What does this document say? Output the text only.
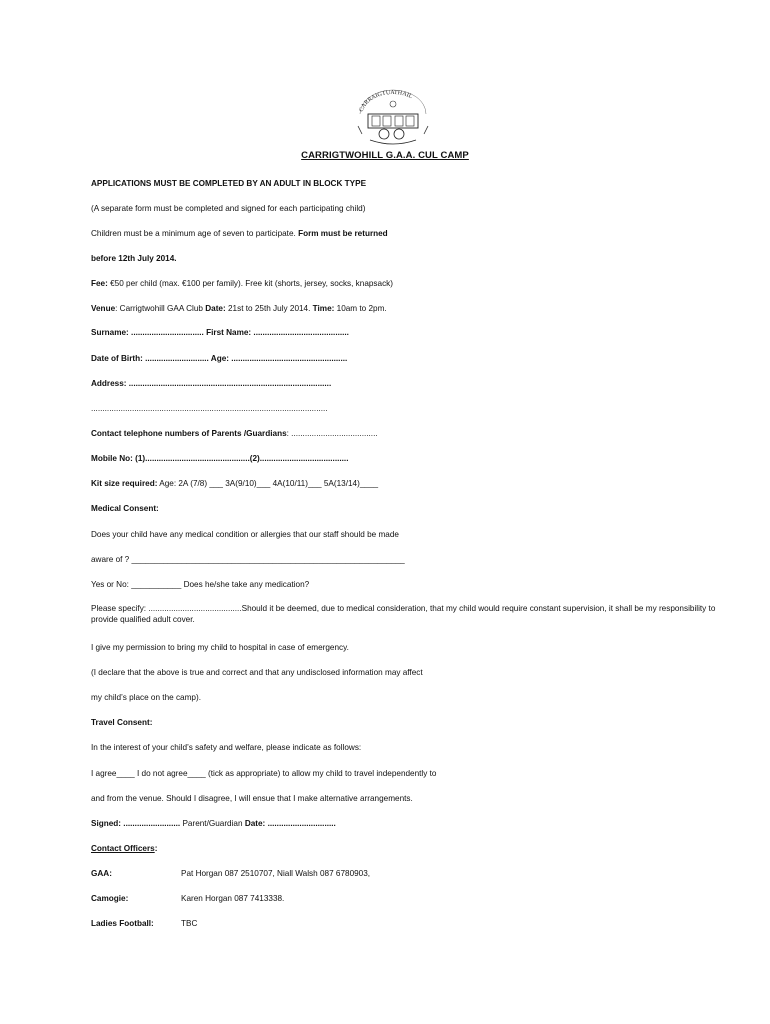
CARRAIGTUATHAIL
CARRIGTWOHILL G.A.A. CUL CAMP
APPLICATIONS MUST BE COMPLETED BY AN ADULT IN BLOCK TYPE
(A separate form must be completed and signed for each participating child)
Children must be a minimum age of seven to participate. Form must be returned
before 12th July 2014.
Fee: €50 per child (max. €100 per family). Free kit (shorts, jersey, socks, knapsack)
Venue: Carrigtwohill GAA Club Date: 21st to 25th July 2014. Time: 10am to 2pm.
Surname: ................................ First Name: ..........................................
Date of Birth: ............................ Age: ...................................................
Address: .........................................................................................
........................................................................................................
Contact telephone numbers of Parents /Guardians: ......................................
Mobile No: (1)..............................................(2).......................................
Kit size required: Age: 2A (7/8) ___ 3A(9/10)___ 4A(10/11)___ 5A(13/14)____
Medical Consent:
Does your child have any medical condition or allergies that our staff should be made
aware of ? ____________________________________________________________
Yes or No: ___________ Does he/she take any medication?
Please specify: .........................................Should it be deemed, due to medical consideration, that my child would require constant supervision, it shall be my responsibility to provide qualified adult cover.
I give my permission to bring my child to hospital in case of emergency.
(I declare that the above is true and correct and that any undisclosed information may affect
my child’s place on the camp).
Travel Consent:
In the interest of your child’s safety and welfare, please indicate as follows:
I agree____ I do not agree____ (tick as appropriate) to allow my child to travel independently to
and from the venue. Should I disagree, I will ensue that I make alternative arrangements.
Signed: ......................... Parent/Guardian Date: ..............................
Contact Officers:
GAA:	Pat Horgan 087 2510707, Niall Walsh 087 6780903,
Camogie:	Karen Horgan 087 7413338.
Ladies Football:	TBC
